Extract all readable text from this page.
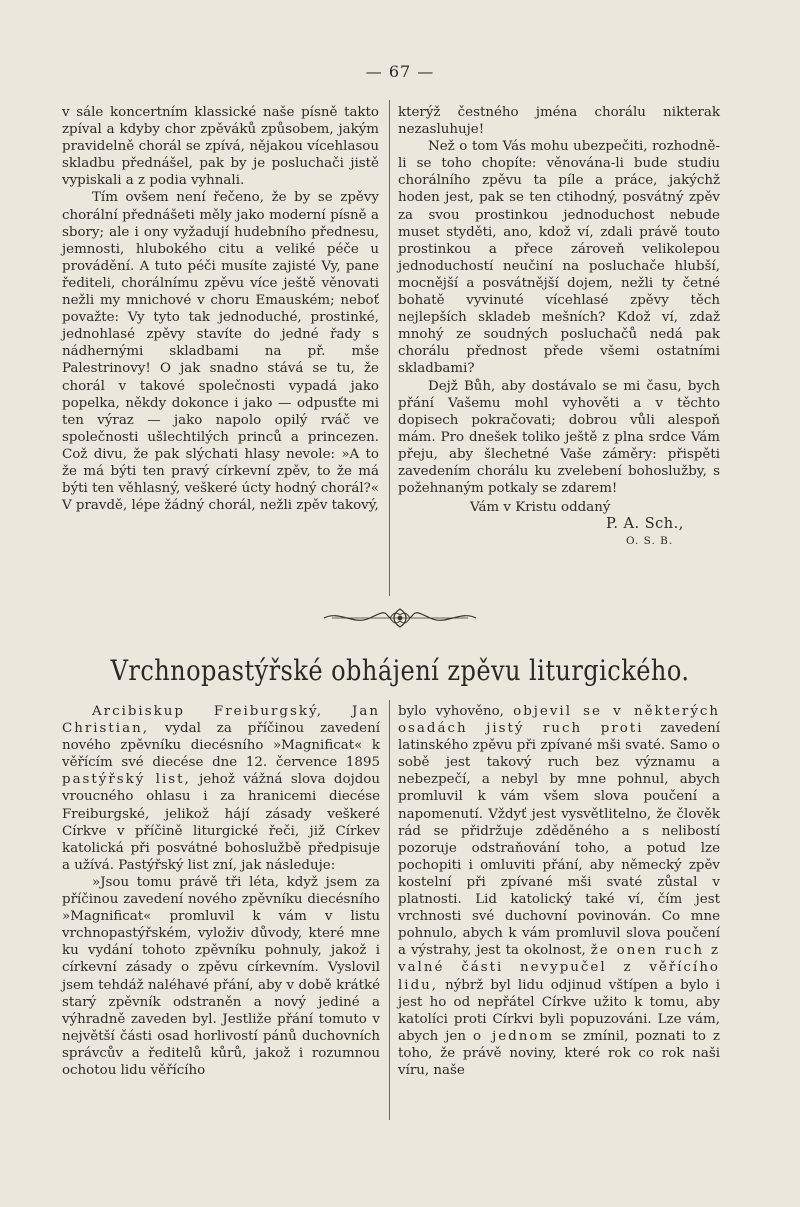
— 67 —

v sále koncertním klassické naše písně takto zpíval a kdyby chor zpěváků způsobem, jakým pravidelně chorál se zpívá, nějakou vícehlasou skladbu přednášel, pak by je posluchači jistě vypiskali a z podia vyhnali.

Tím ovšem není řečeno, že by se zpěvy chorální přednášeti měly jako moderní písně a sbory; ale i ony vyžadují hudebního přednesu, jemnosti, hlubokého citu a veliké péče u provádění. A tuto péči musíte zajisté Vy, pane řediteli, chorálnímu zpěvu více ještě věnovati nežli my mnichové v choru Emauském; neboť považte: Vy tyto tak jednoduché, prostinké, jednohlasé zpěvy stavíte do jedné řady s nádhernými skladbami na př. mše Palestrinovy! O jak snadno stává se tu, že chorál v takové společnosti vypadá jako popelka, někdy dokonce i jako — odpusťte mi ten výraz — jako napolo opilý rváč ve společnosti ušlechtilých princů a princezen. Což divu, že pak slýchati hlasy nevole: »A to že má býti ten pravý církevní zpěv, to že má býti ten věhlasný, veškeré úcty hodný chorál?« V pravdě, lépe žádný chorál, nežli zpěv takový,

kterýž čestného jména chorálu nikterak nezasluhuje!

Než o tom Vás mohu ubezpečiti, rozhodně-li se toho chopíte: věnována-li bude studiu chorálního zpěvu ta píle a práce, jakýchž hoden jest, pak se ten ctihodný, posvátný zpěv za svou prostinkou jednoduchost nebude muset styděti, ano, kdož ví, zdali právě touto prostinkou a přece zároveň velikolepou jednoduchostí neučiní na posluchače hlubší, mocnější a posvátnější dojem, nežli ty četné bohatě vyvinuté vícehlasé zpěvy těch nejlepších skladeb mešních? Kdož ví, zdaž mnohý ze soudných posluchačů nedá pak chorálu přednost přede všemi ostatními skladbami?

Dejž Bůh, aby dostávalo se mi času, bych přání Vašemu mohl vyhověti a v těchto dopisech pokračovati; dobrou vůli alespoň mám. Pro dnešek toliko ještě z plna srdce Vám přeju, aby šlechetné Vaše záměry: přispěti zavedením chorálu ku zvelebení bohoslužby, s požehnaným potkaly se zdarem!

Vám v Kristu oddaný
P. A. Sch.,
O. S. B.
Vrchnopastýřské obhájení zpěvu liturgického.

Arcibiskup Freiburgský, Jan Christian, vydal za příčinou zavedení nového zpěvníku diecésního »Magnificat« k věřícím své diecése dne 12. července 1895 pastýřský list, jehož vážná slova dojdou vroucného ohlasu i za hranicemi diecése Freiburgské, jelikož hájí zásady veškeré Církve v příčině liturgické řeči, již Církev katolická při posvátné bohoslužbě předpisuje a užívá. Pastýřský list zní, jak následuje:

»Jsou tomu právě tři léta, když jsem za příčinou zavedení nového zpěvníku diecésního »Magnificat« promluvil k vám v listu vrchnopastýřském, vyloživ důvody, které mne ku vydání tohoto zpěvníku pohnuly, jakož i církevní zásady o zpěvu církevním. Vyslovil jsem tehdáž naléhavé přání, aby v době krátké starý zpěvník odstraněn a nový jediné a výhradně zaveden byl. Jestliže přání tomuto v největší části osad horlivostí pánů duchovních správcův a ředitelů kůrů, jakož i rozumnou ochotou lidu věřícího

bylo vyhověno, objevil se v některých osadách jistý ruch proti zavedení latinského zpěvu při zpívané mši svaté. Samo o sobě jest takový ruch bez významu a nebezpečí, a nebyl by mne pohnul, abych promluvil k vám všem slova poučení a napomenutí. Vždyť jest vysvětlitelno, že člověk rád se přidržuje zděděného a s nelibostí pozoruje odstraňování toho, a potud lze pochopiti i omluviti přání, aby německý zpěv kostelní při zpívané mši svaté zůstal v platnosti. Lid katolický také ví, čím jest vrchnosti své duchovní povinován. Co mne pohnulo, abych k vám promluvil slova poučení a výstrahy, jest ta okolnost, že onen ruch z valné části nevypučel z věřícího lidu, nýbrž byl lidu odjinud vštípen a bylo i jest ho od nepřátel Církve užito k tomu, aby katolíci proti Církvi byli popuzováni. Lze vám, abych jen o jednom se zmínil, poznati to z toho, že právě noviny, které rok co rok naši víru, naše
